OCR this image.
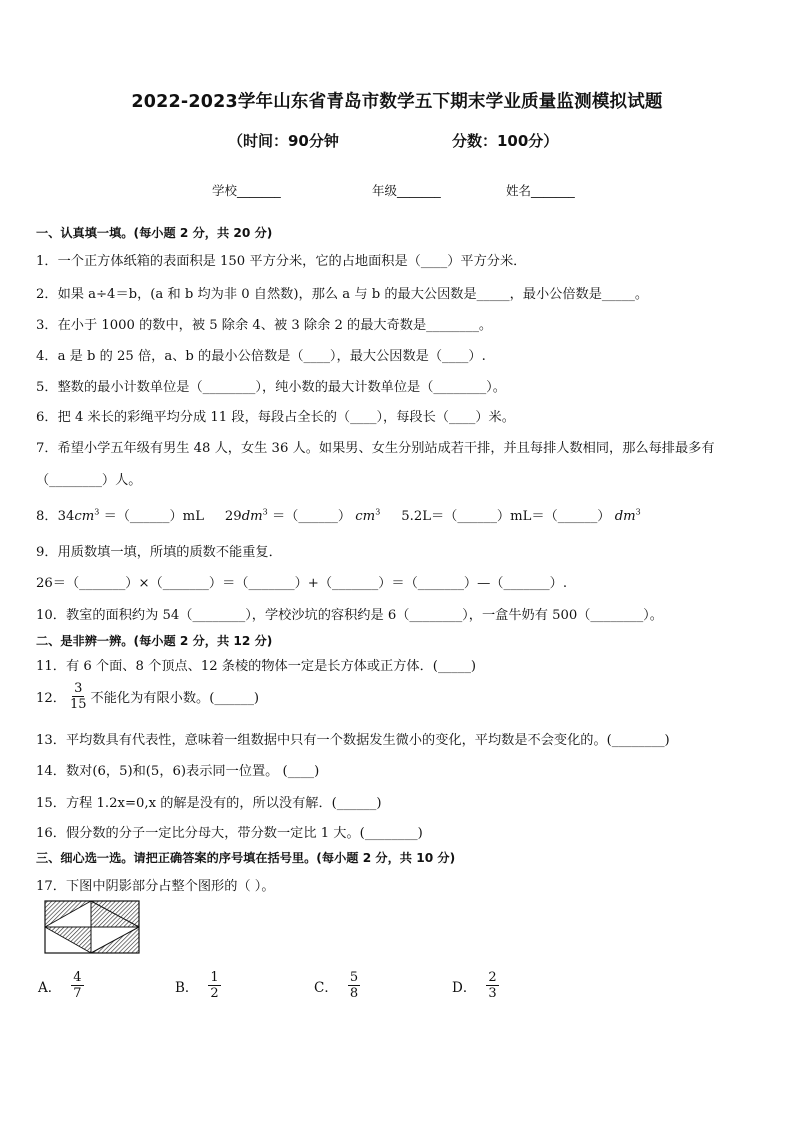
2022-2023学年山东省青岛市数学五下期末学业质量监测模拟试题
（时间：90分钟	分数：100分）
学校_______	年级_______	姓名_______
一、认真填一填。(每小题 2 分，共 20 分)
1．一个正方体纸箱的表面积是 150 平方分米，它的占地面积是（____）平方分米．
2．如果 a÷4＝b，(a 和 b 均为非 0 自然数)，那么 a 与 b 的最大公因数是_____，最小公倍数是_____。
3．在小于 1000 的数中，被 5 除余 4、被 3 除余 2 的最大奇数是________。
4．a 是 b 的 25 倍，a、b 的最小公倍数是（____），最大公因数是（____）.
5．整数的最小计数单位是（________），纯小数的最大计数单位是（________）。
6．把 4 米长的彩绳平均分成 11 段，每段占全长的（____），每段长（____）米。
7．希望小学五年级有男生 48 人，女生 36 人。如果男、女生分别站成若干排，并且每排人数相同，那么每排最多有
（________）人。
8．$34cm^3$ ＝（______）mL $29dm^3$ ＝（______） $cm^3$ 5.2L＝（______）mL＝（______） $dm^3$
9．用质数填一填，所填的质数不能重复．
26＝（_______）×（_______）＝（_______）+（_______）＝（_______）—（_______）.
10．教室的面积约为 54（________），学校沙坑的容积约是 6（________），一盒牛奶有 500（________）。
二、是非辨一辨。(每小题 2 分，共 12 分)
11．有 6 个面、8 个顶点、12 条棱的物体一定是长方体或正方体．(_____)
12． $\frac{3}{15}$ 不能化为有限小数。(______)
13．平均数具有代表性，意味着一组数据中只有一个数据发生微小的变化，平均数是不会变化的。(________)
14．数对(6，5)和(5，6)表示同一位置。 (____)
15．方程 1.2x=0,x 的解是没有的，所以没有解．(______)
16．假分数的分子一定比分母大，带分数一定比 1 大。(________)
三、细心选一选。请把正确答案的序号填在括号里。(每小题 2 分，共 10 分)
17．下图中阴影部分占整个图形的（ ）。
A． $\frac{4}{7}$	B． $\frac{1}{2}$	C． $\frac{5}{8}$	D． $\frac{2}{3}$
